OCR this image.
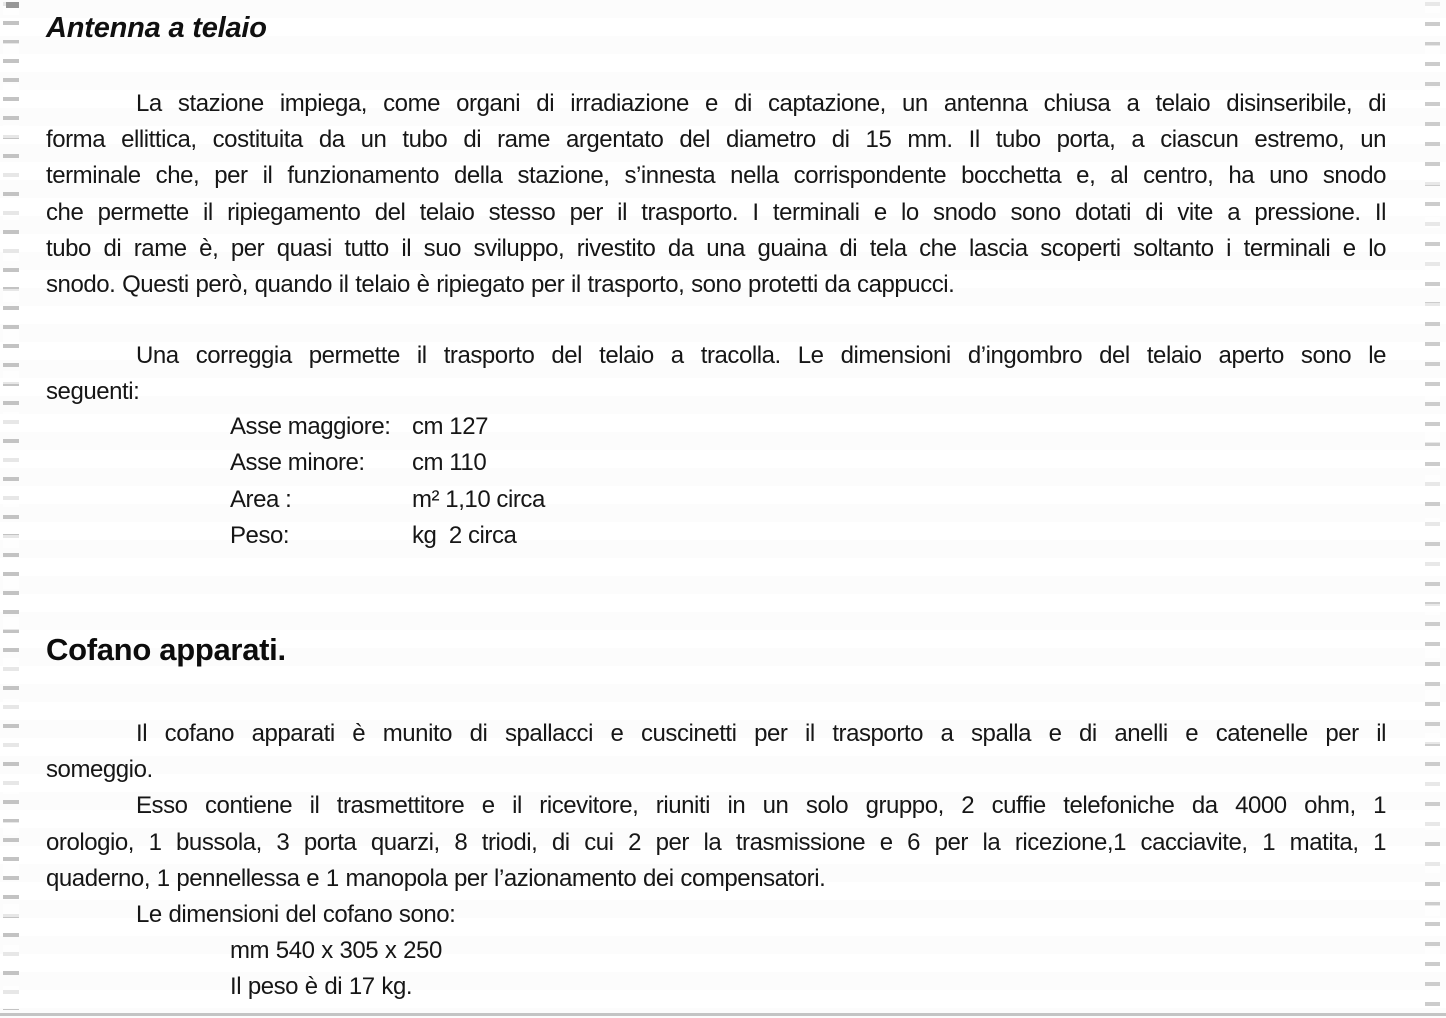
Antenna a telaio
La stazione impiega, come organi di irradiazione e di captazione, un antenna chiusa a telaio disinseribile, di
forma ellittica, costituita da un tubo di rame argentato del diametro di 15 mm. Il tubo porta, a ciascun estremo, un
terminale che, per il funzionamento della stazione, s’innesta nella corrispondente bocchetta e, al centro, ha uno snodo
che permette il ripiegamento del telaio stesso per il trasporto. I terminali e lo snodo sono dotati di vite a pressione. Il
tubo di rame è, per quasi tutto il suo sviluppo, rivestito da una guaina di tela che lascia scoperti soltanto i terminali e lo
snodo. Questi però, quando il telaio è ripiegato per il trasporto, sono protetti da cappucci.
Una correggia permette il trasporto del telaio a tracolla. Le dimensioni d’ingombro del telaio aperto sono le
seguenti:
Asse maggiore: cm 127
Asse minore: cm 110
Area :	m² 1,10 circa
Peso:	kg  2 circa
Cofano apparati.
Il cofano apparati è munito di spallacci e cuscinetti per il trasporto a spalla e di anelli e catenelle per il
someggio.
Esso contiene il trasmettitore e il ricevitore, riuniti in un solo gruppo, 2 cuffie telefoniche da 4000 ohm, 1
orologio, 1 bussola, 3 porta quarzi, 8 triodi, di cui 2 per la trasmissione e 6 per la ricezione,1 cacciavite, 1 matita, 1
quaderno, 1 pennellessa e 1 manopola per l’azionamento dei compensatori.
Le dimensioni del cofano sono:
mm 540 x 305 x 250
Il peso è di 17 kg.
